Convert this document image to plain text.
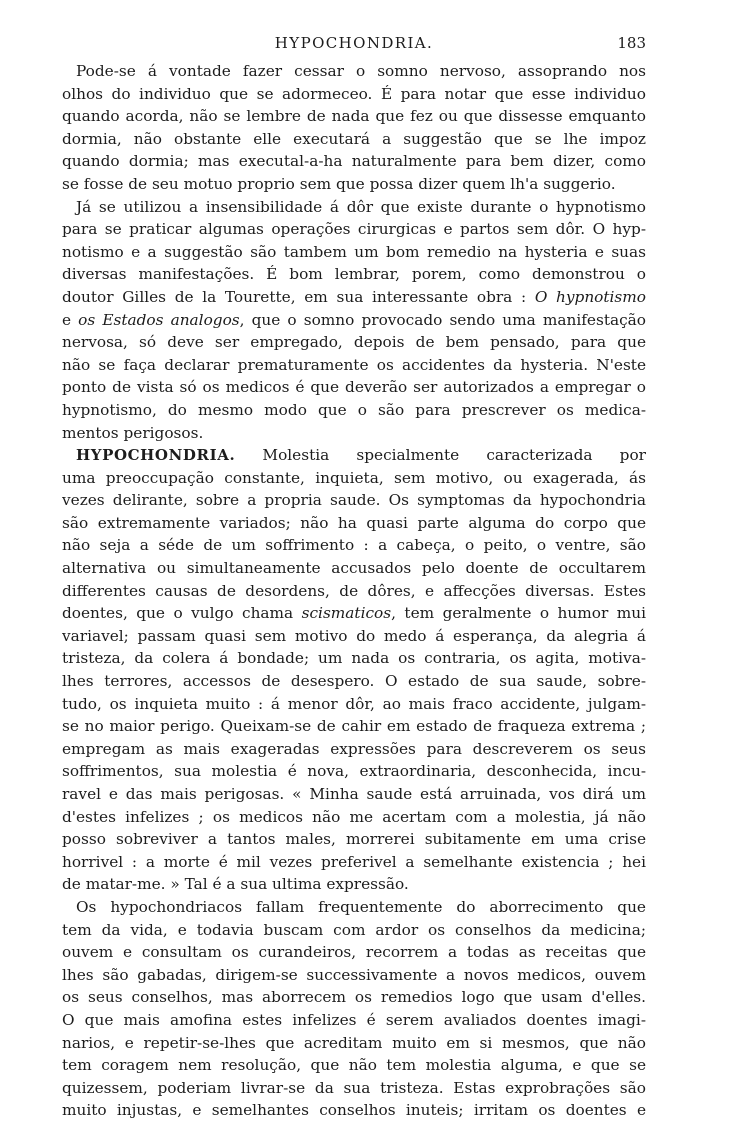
HYPOCHONDRIA.	183
Pode-se á vontade fazer cessar o somno nervoso, assoprando nos
olhos do individuo que se adormeceo. É para notar que esse individuo
quando acorda, não se lembre de nada que fez ou que dissesse emquanto
dormia, não obstante elle executará a suggestão que se lhe impoz
quando dormia; mas executal-a-ha naturalmente para bem dizer, como
se fosse de seu motuo proprio sem que possa dizer quem lh'a suggerio.
Já se utilizou a insensibilidade á dôr que existe durante o hypnotismo
para se praticar algumas operações cirurgicas e partos sem dôr. O hyp-
notismo e a suggestão são tambem um bom remedio na hysteria e suas
diversas manifestações. É bom lembrar, porem, como demonstrou o
doutor Gilles de la Tourette, em sua interessante obra : O hypnotismo
e os Estados analogos, que o somno provocado sendo uma manifestação
nervosa, só deve ser empregado, depois de bem pensado, para que
não se faça declarar prematuramente os accidentes da hysteria. N'este
ponto de vista só os medicos é que deverão ser autorizados a empregar o
hypnotismo, do mesmo modo que o são para prescrever os medica-
mentos perigosos.
HYPOCHONDRIA. Molestia specialmente caracterizada por
uma preoccupação constante, inquieta, sem motivo, ou exagerada, ás
vezes delirante, sobre a propria saude. Os symptomas da hypochondria
são extremamente variados; não ha quasi parte alguma do corpo que
não seja a séde de um soffrimento : a cabeça, o peito, o ventre, são
alternativa ou simultaneamente accusados pelo doente de occultarem
differentes causas de desordens, de dôres, e affecções diversas. Estes
doentes, que o vulgo chama scismaticos, tem geralmente o humor mui
variavel; passam quasi sem motivo do medo á esperança, da alegria á
tristeza, da colera á bondade; um nada os contraria, os agita, motiva-
lhes terrores, accessos de desespero. O estado de sua saude, sobre-
tudo, os inquieta muito : á menor dôr, ao mais fraco accidente, julgam-
se no maior perigo. Queixam-se de cahir em estado de fraqueza extrema ;
empregam as mais exageradas expressões para descreverem os seus
soffrimentos, sua molestia é nova, extraordinaria, desconhecida, incu-
ravel e das mais perigosas. « Minha saude está arruinada, vos dirá um
d'estes infelizes ; os medicos não me acertam com a molestia, já não
posso sobreviver a tantos males, morrerei subitamente em uma crise
horrivel : a morte é mil vezes preferivel a semelhante existencia ; hei
de matar-me. » Tal é a sua ultima expressão.
Os hypochondriacos fallam frequentemente do aborrecimento que
tem da vida, e todavia buscam com ardor os conselhos da medicina;
ouvem e consultam os curandeiros, recorrem a todas as receitas que
lhes são gabadas, dirigem-se successivamente a novos medicos, ouvem
os seus conselhos, mas aborrecem os remedios logo que usam d'elles.
O que mais amofina estes infelizes é serem avaliados doentes imagi-
narios, e repetir-se-lhes que acreditam muito em si mesmos, que não
tem coragem nem resolução, que não tem molestia alguma, e que se
quizessem, poderiam livrar-se da sua tristeza. Estas exprobrações são
muito injustas, e semelhantes conselhos inuteis; irritam os doentes e
